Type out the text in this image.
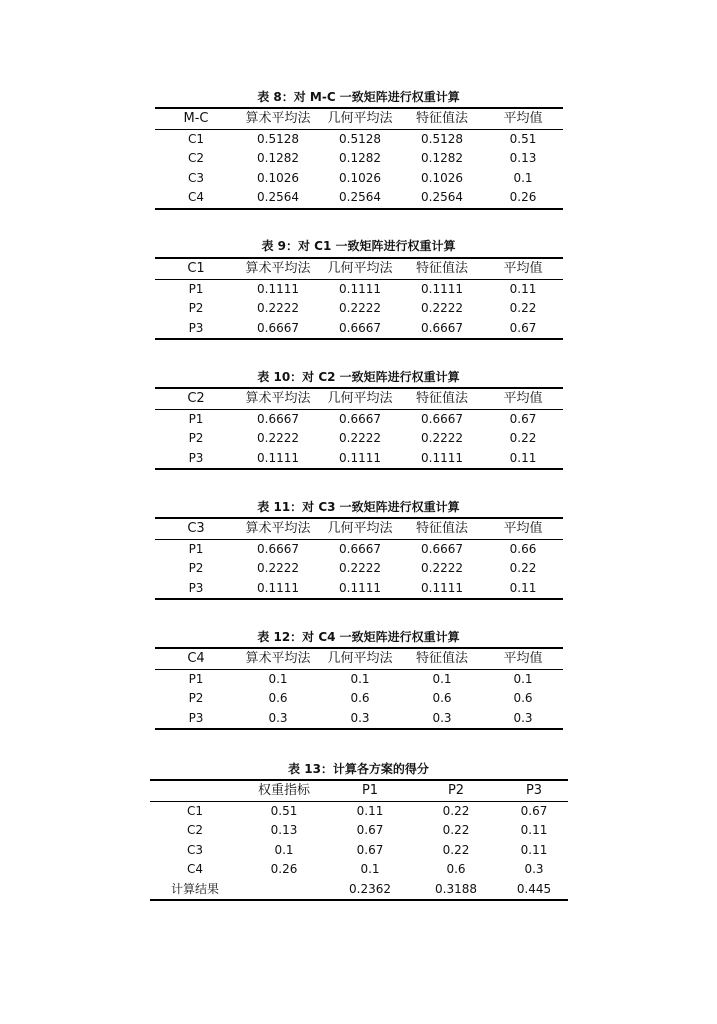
表 8：对 M-C 一致矩阵进行权重计算
M-C	算术平均法	几何平均法	特征值法	平均值
C1	0.5128	0.5128	0.5128	0.51
C2	0.1282	0.1282	0.1282	0.13
C3	0.1026	0.1026	0.1026	0.1
C4	0.2564	0.2564	0.2564	0.26
表 9：对 C1 一致矩阵进行权重计算
C1	算术平均法	几何平均法	特征值法	平均值
P1	0.1111	0.1111	0.1111	0.11
P2	0.2222	0.2222	0.2222	0.22
P3	0.6667	0.6667	0.6667	0.67
表 10：对 C2 一致矩阵进行权重计算
C2	算术平均法	几何平均法	特征值法	平均值
P1	0.6667	0.6667	0.6667	0.67
P2	0.2222	0.2222	0.2222	0.22
P3	0.1111	0.1111	0.1111	0.11
表 11：对 C3 一致矩阵进行权重计算
C3	算术平均法	几何平均法	特征值法	平均值
P1	0.6667	0.6667	0.6667	0.66
P2	0.2222	0.2222	0.2222	0.22
P3	0.1111	0.1111	0.1111	0.11
表 12：对 C4 一致矩阵进行权重计算
C4	算术平均法	几何平均法	特征值法	平均值
P1	0.1	0.1	0.1	0.1
P2	0.6	0.6	0.6	0.6
P3	0.3	0.3	0.3	0.3
表 13：计算各方案的得分
	权重指标	P1	P2	P3
C1	0.51	0.11	0.22	0.67
C2	0.13	0.67	0.22	0.11
C3	0.1	0.67	0.22	0.11
C4	0.26	0.1	0.6	0.3
计算结果		0.2362	0.3188	0.445
